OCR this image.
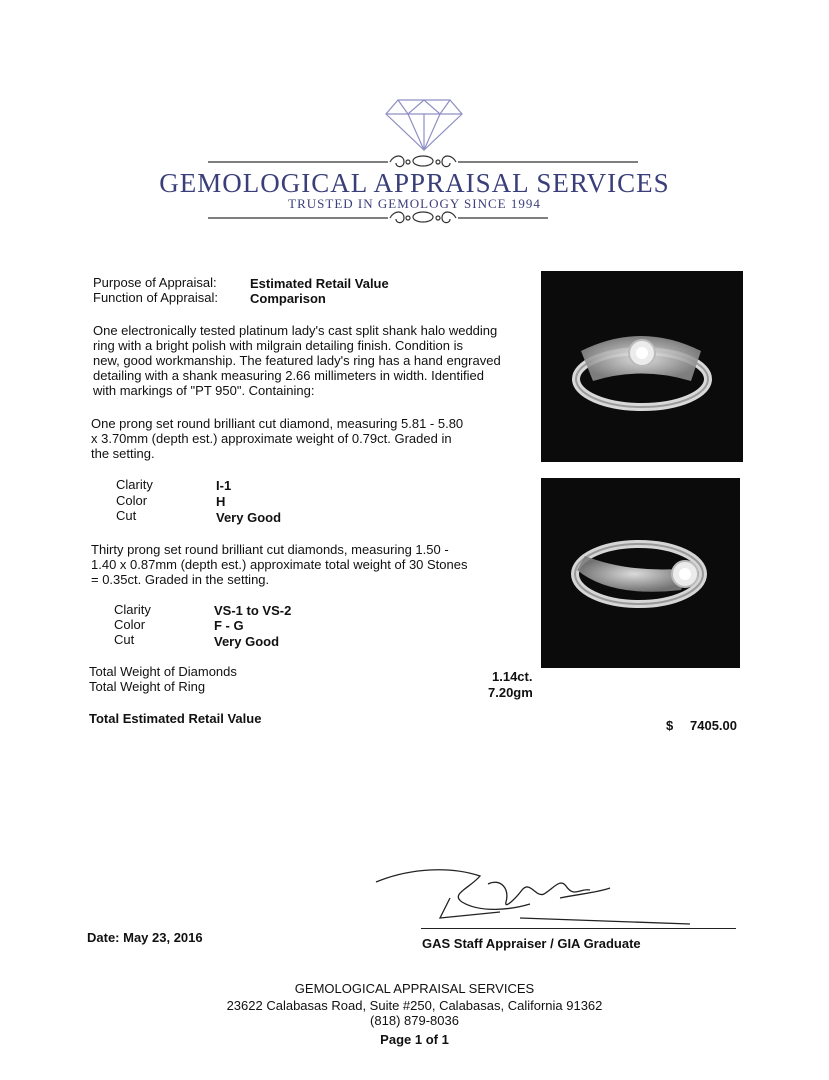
GEMOLOGICAL APPRAISAL SERVICES
TRUSTED IN GEMOLOGY SINCE 1994
Purpose of Appraisal:	Estimated Retail Value
Function of Appraisal: Comparison
One electronically tested platinum lady's cast split shank halo wedding
ring with a bright polish with milgrain detailing finish. Condition is
new, good workmanship. The featured lady's ring has a hand engraved
detailing with a shank measuring 2.66 millimeters in width. Identified
with markings of "PT 950". Containing:
One prong set round brilliant cut diamond, measuring 5.81 - 5.80
x 3.70mm (depth est.) approximate weight of 0.79ct. Graded in
the setting.
Clarity	I-1
Color	H
Cut	Very Good
Thirty prong set round brilliant cut diamonds, measuring 1.50 -
1.40 x 0.87mm (depth est.) approximate total weight of 30 Stones
= 0.35ct. Graded in the setting.
Clarity	VS-1 to VS-2
Color	F - G
Cut	Very Good
Total Weight of Diamonds	1.14ct.
Total Weight of Ring	7.20gm
Total Estimated Retail Value	$ 7405.00
Date: May 23, 2016	GAS Staff Appraiser / GIA Graduate
GEMOLOGICAL APPRAISAL SERVICES
23622 Calabasas Road, Suite #250, Calabasas, California 91362
(818) 879-8036
Page 1 of 1
